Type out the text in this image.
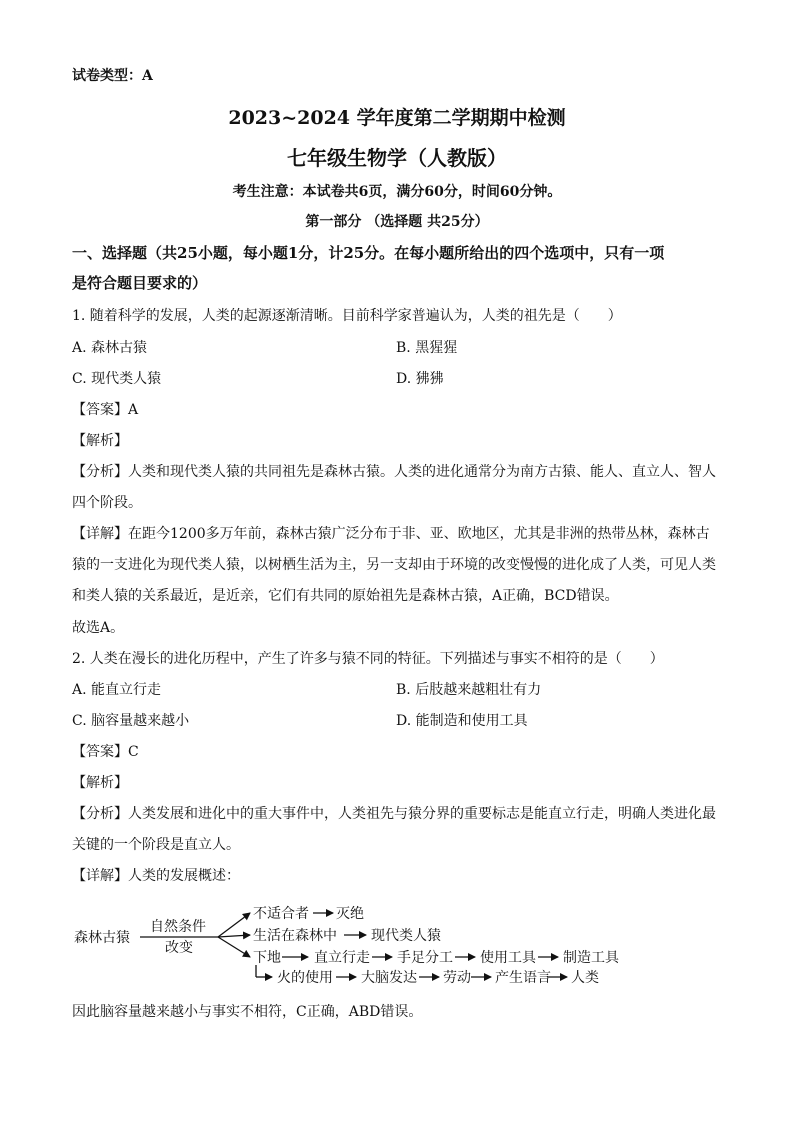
试卷类型：A
2023~2024 学年度第二学期期中检测
七年级生物学（人教版）
考生注意：本试卷共6页，满分60分，时间60分钟。
第一部分 （选择题 共25分）
一、选择题（共25小题，每小题1分，计25分。在每小题所给出的四个选项中，只有一项
是符合题目要求的）
1. 随着科学的发展，人类的起源逐渐清晰。目前科学家普遍认为，人类的祖先是（　　）
A. 森林古猿	B. 黑猩猩
C. 现代类人猿	D. 狒狒
【答案】A
【解析】
【分析】人类和现代类人猿的共同祖先是森林古猿。人类的进化通常分为南方古猿、能人、直立人、智人
四个阶段。
【详解】在距今1200多万年前，森林古猿广泛分布于非、亚、欧地区，尤其是非洲的热带丛林，森林古
猿的一支进化为现代类人猿，以树栖生活为主，另一支却由于环境的改变慢慢的进化成了人类，可见人类
和类人猿的关系最近，是近亲，它们有共同的原始祖先是森林古猿，A正确，BCD错误。
故选A。
2. 人类在漫长的进化历程中，产生了许多与猿不同的特征。下列描述与事实不相符的是（　　）
A. 能直立行走	B. 后肢越来越粗壮有力
C. 脑容量越来越小	D. 能制造和使用工具
【答案】C
【解析】
【分析】人类发展和进化中的重大事件中，人类祖先与猿分界的重要标志是能直立行走，明确人类进化最
关键的一个阶段是直立人。
【详解】人类的发展概述：
森林古猿
自然条件
改变
不适合者 灭绝
生活在森林中 现代类人猿
下地 直立行走 手足分工 使用工具 制造工具
火的使用 大脑发达 劳动 产生语言 人类
因此脑容量越来越小与事实不相符，C正确，ABD错误。
